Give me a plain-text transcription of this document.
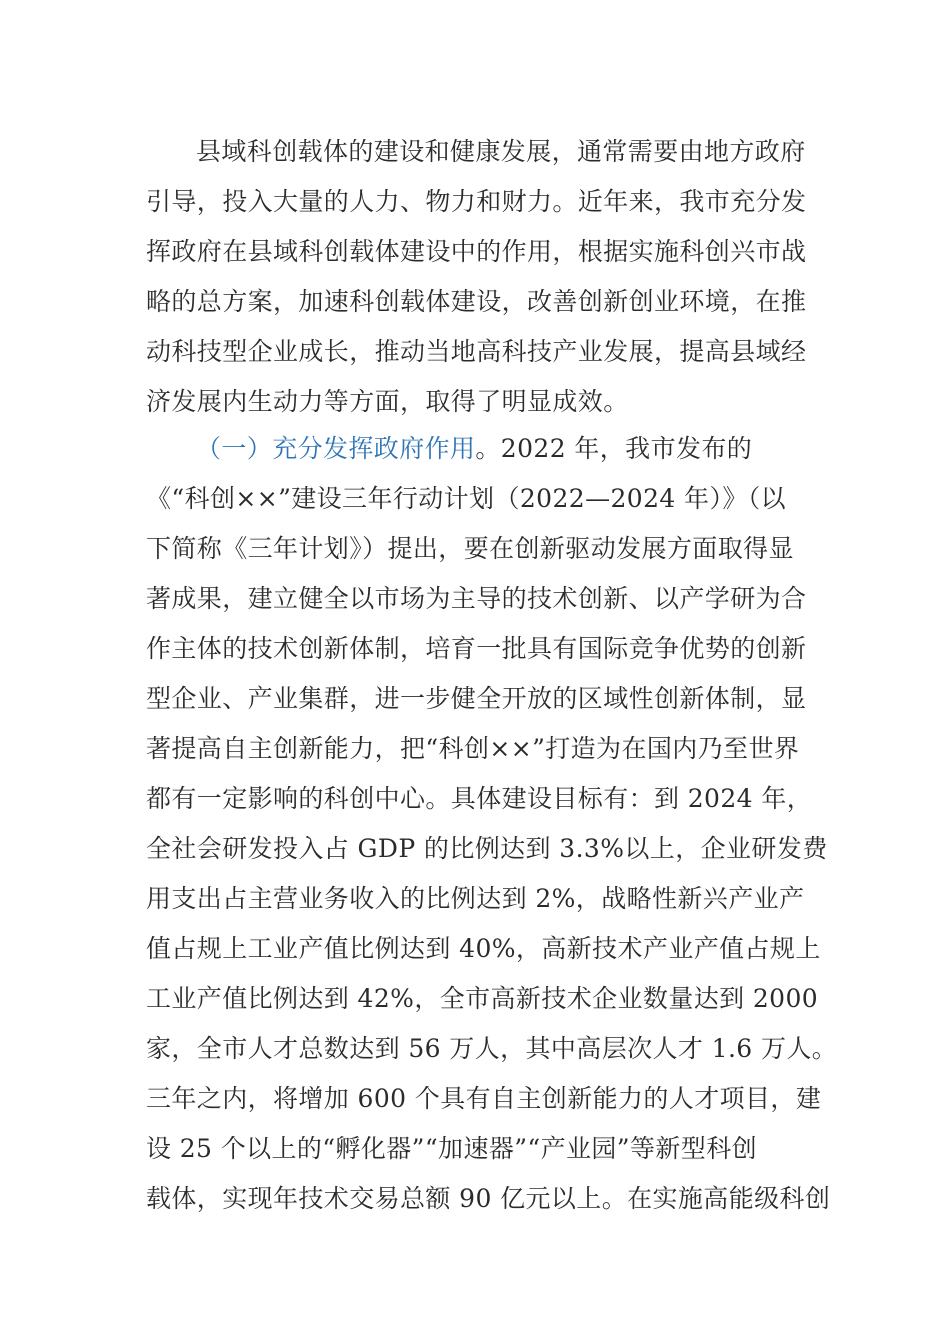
县域科创载体的建设和健康发展，通常需要由地方政府
引导，投入大量的人力、物力和财力。近年来，我市充分发
挥政府在县域科创载体建设中的作用，根据实施科创兴市战
略的总方案，加速科创载体建设，改善创新创业环境，在推
动科技型企业成长，推动当地高科技产业发展，提高县域经
济发展内生动力等方面，取得了明显成效。
（一）充分发挥政府作用。2022 年，我市发布的
《“科创××”建设三年行动计划（2022—2024 年）》（以
下简称《三年计划》）提出，要在创新驱动发展方面取得显
著成果，建立健全以市场为主导的技术创新、以产学研为合
作主体的技术创新体制，培育一批具有国际竞争优势的创新
型企业、产业集群，进一步健全开放的区域性创新体制，显
著提高自主创新能力，把“科创××”打造为在国内乃至世界
都有一定影响的科创中心。具体建设目标有：到 2024 年，
全社会研发投入占 GDP 的比例达到 3.3%以上，企业研发费
用支出占主营业务收入的比例达到 2%，战略性新兴产业产
值占规上工业产值比例达到 40%，高新技术产业产值占规上
工业产值比例达到 42%，全市高新技术企业数量达到 2000
家，全市人才总数达到 56 万人，其中高层次人才 1.6 万人。
三年之内，将增加 600 个具有自主创新能力的人才项目，建
设 25 个以上的“孵化器”“加速器”“产业园”等新型科创
载体，实现年技术交易总额 90 亿元以上。在实施高能级科创
